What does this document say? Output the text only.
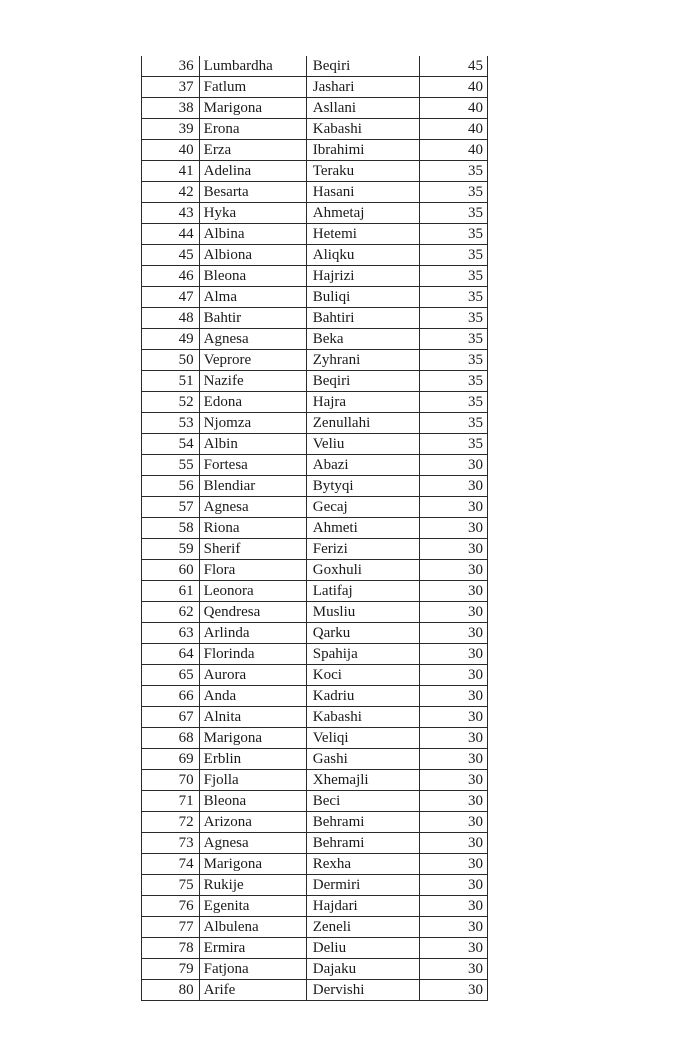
36	Lumbardha	Beqiri	45
37	Fatlum	Jashari	40
38	Marigona	Asllani	40
39	Erona	Kabashi	40
40	Erza	Ibrahimi	40
41	Adelina	Teraku	35
42	Besarta	Hasani	35
43	Hyka	Ahmetaj	35
44	Albina	Hetemi	35
45	Albiona	Aliqku	35
46	Bleona	Hajrizi	35
47	Alma	Buliqi	35
48	Bahtir	Bahtiri	35
49	Agnesa	Beka	35
50	Veprore	Zyhrani	35
51	Nazife	Beqiri	35
52	Edona	Hajra	35
53	Njomza	Zenullahi	35
54	Albin	Veliu	35
55	Fortesa	Abazi	30
56	Blendiar	Bytyqi	30
57	Agnesa	Gecaj	30
58	Riona	Ahmeti	30
59	Sherif	Ferizi	30
60	Flora	Goxhuli	30
61	Leonora	Latifaj	30
62	Qendresa	Musliu	30
63	Arlinda	Qarku	30
64	Florinda	Spahija	30
65	Aurora	Koci	30
66	Anda	Kadriu	30
67	Alnita	Kabashi	30
68	Marigona	Veliqi	30
69	Erblin	Gashi	30
70	Fjolla	Xhemajli	30
71	Bleona	Beci	30
72	Arizona	Behrami	30
73	Agnesa	Behrami	30
74	Marigona	Rexha	30
75	Rukije	Dermiri	30
76	Egenita	Hajdari	30
77	Albulena	Zeneli	30
78	Ermira	Deliu	30
79	Fatjona	Dajaku	30
80	Arife	Dervishi	30
